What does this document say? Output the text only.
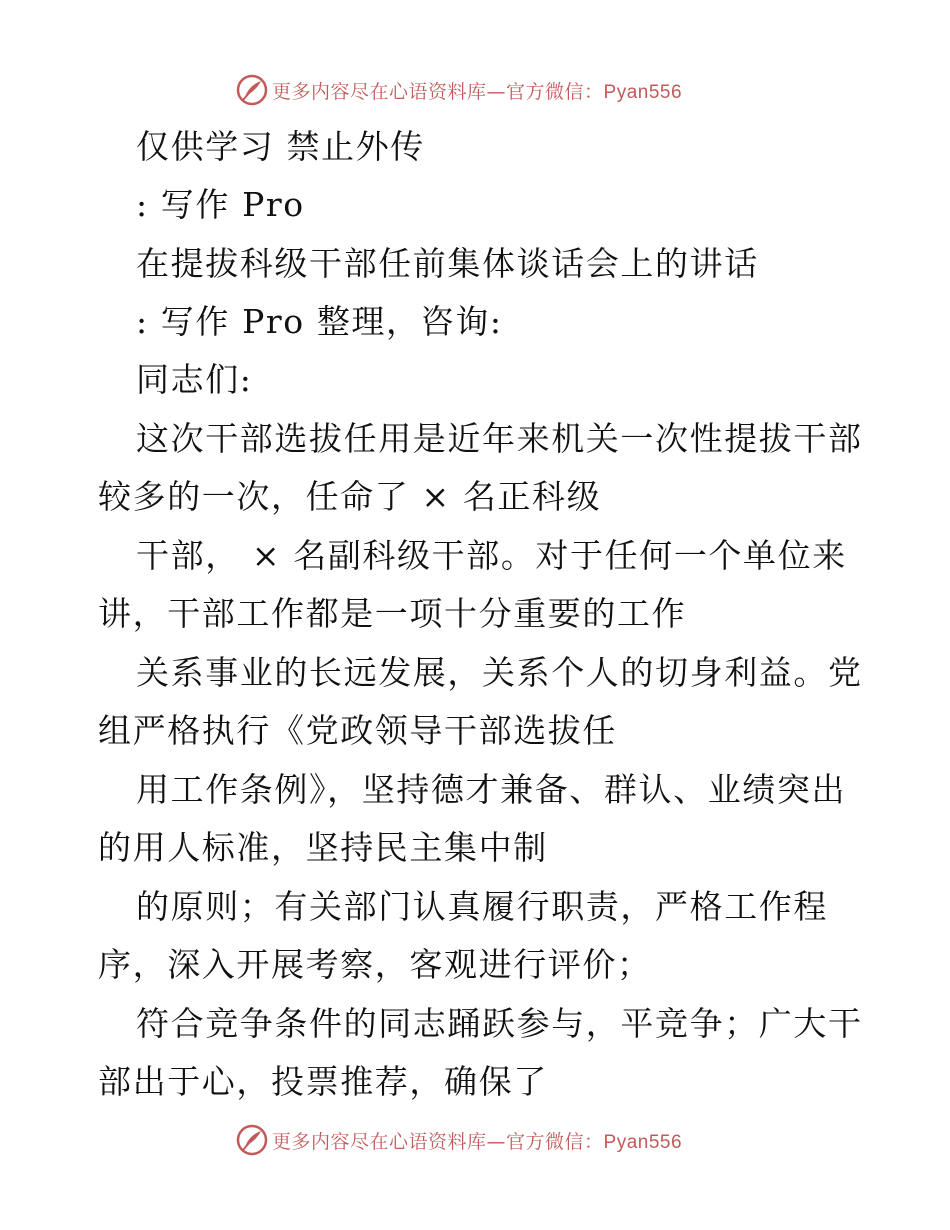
更多内容尽在心语资料库—官方微信：Pyan556
仅供学习 禁止外传
: 写作 Pro
在提拔科级干部任前集体谈话会上的讲话
: 写作 Pro 整理，咨询:
同志们:
这次干部选拔任用是近年来机关一次性提拔干部
较多的一次，任命了 × 名正科级
干部， × 名副科级干部。对于任何一个单位来
讲，干部工作都是一项十分重要的工作
关系事业的长远发展，关系个人的切身利益。党
组严格执行《党政领导干部选拔任
用工作条例》，坚持德才兼备、群认、业绩突出
的用人标准，坚持民主集中制
的原则；有关部门认真履行职责，严格工作程
序，深入开展考察，客观进行评价；
符合竞争条件的同志踊跃参与，平竞争；广大干
部出于心，投票推荐，确保了
更多内容尽在心语资料库—官方微信：Pyan556
